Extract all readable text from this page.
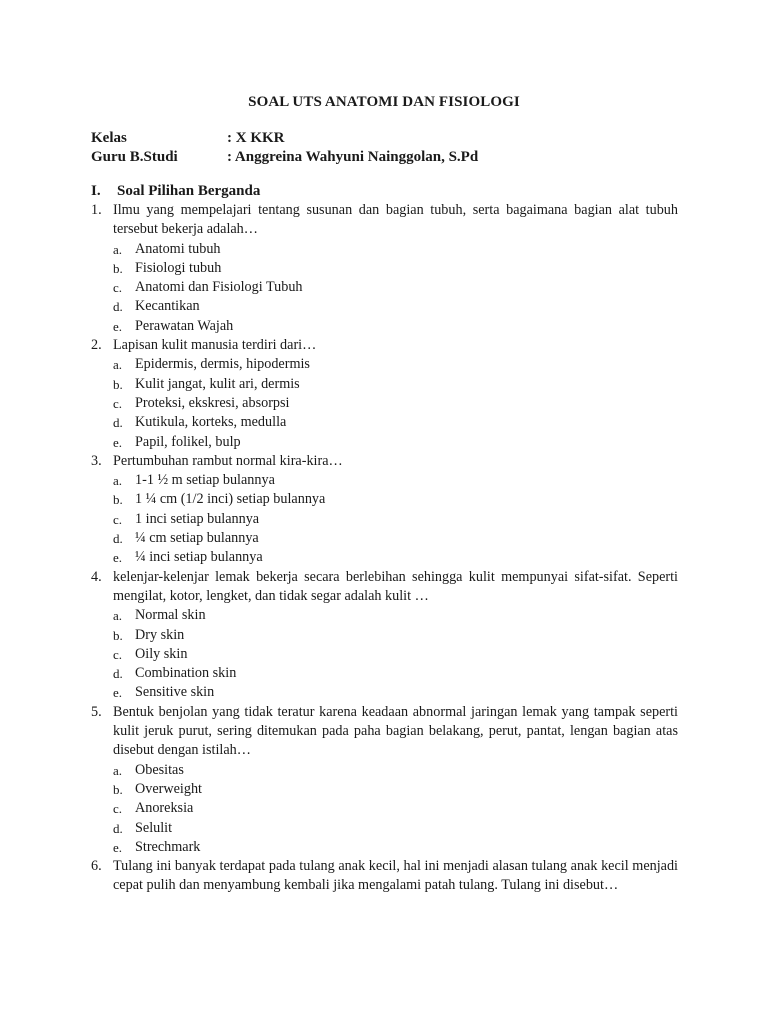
SOAL UTS ANATOMI DAN FISIOLOGI
Kelas	: X KKR
Guru B.Studi	: Anggreina Wahyuni Nainggolan, S.Pd
I. Soal Pilihan Berganda
1. Ilmu yang mempelajari tentang susunan dan bagian tubuh, serta bagaimana bagian alat tubuh tersebut bekerja adalah…
a. Anatomi tubuh
b. Fisiologi tubuh
c. Anatomi dan Fisiologi Tubuh
d. Kecantikan
e. Perawatan Wajah
2. Lapisan kulit manusia terdiri dari…
a. Epidermis, dermis, hipodermis
b. Kulit jangat, kulit ari, dermis
c. Proteksi, ekskresi, absorpsi
d. Kutikula, korteks, medulla
e. Papil, folikel, bulp
3. Pertumbuhan rambut normal kira-kira…
a. 1-1 ½ m setiap bulannya
b. 1 ¼ cm (1/2 inci) setiap bulannya
c. 1 inci setiap bulannya
d. ¼ cm setiap bulannya
e. ¼ inci setiap bulannya
4. kelenjar-kelenjar lemak bekerja secara berlebihan sehingga kulit mempunyai sifat-sifat. Seperti mengilat, kotor, lengket, dan tidak segar adalah kulit …
a. Normal skin
b. Dry skin
c. Oily skin
d. Combination skin
e. Sensitive skin
5. Bentuk benjolan yang tidak teratur karena keadaan abnormal jaringan lemak yang tampak seperti kulit jeruk purut, sering ditemukan pada paha bagian belakang, perut, pantat, lengan bagian atas disebut dengan istilah…
a. Obesitas
b. Overweight
c. Anoreksia
d. Selulit
e. Strechmark
6. Tulang ini banyak terdapat pada tulang anak kecil, hal ini menjadi alasan tulang anak kecil menjadi cepat pulih dan menyambung kembali jika mengalami patah tulang. Tulang ini disebut…
